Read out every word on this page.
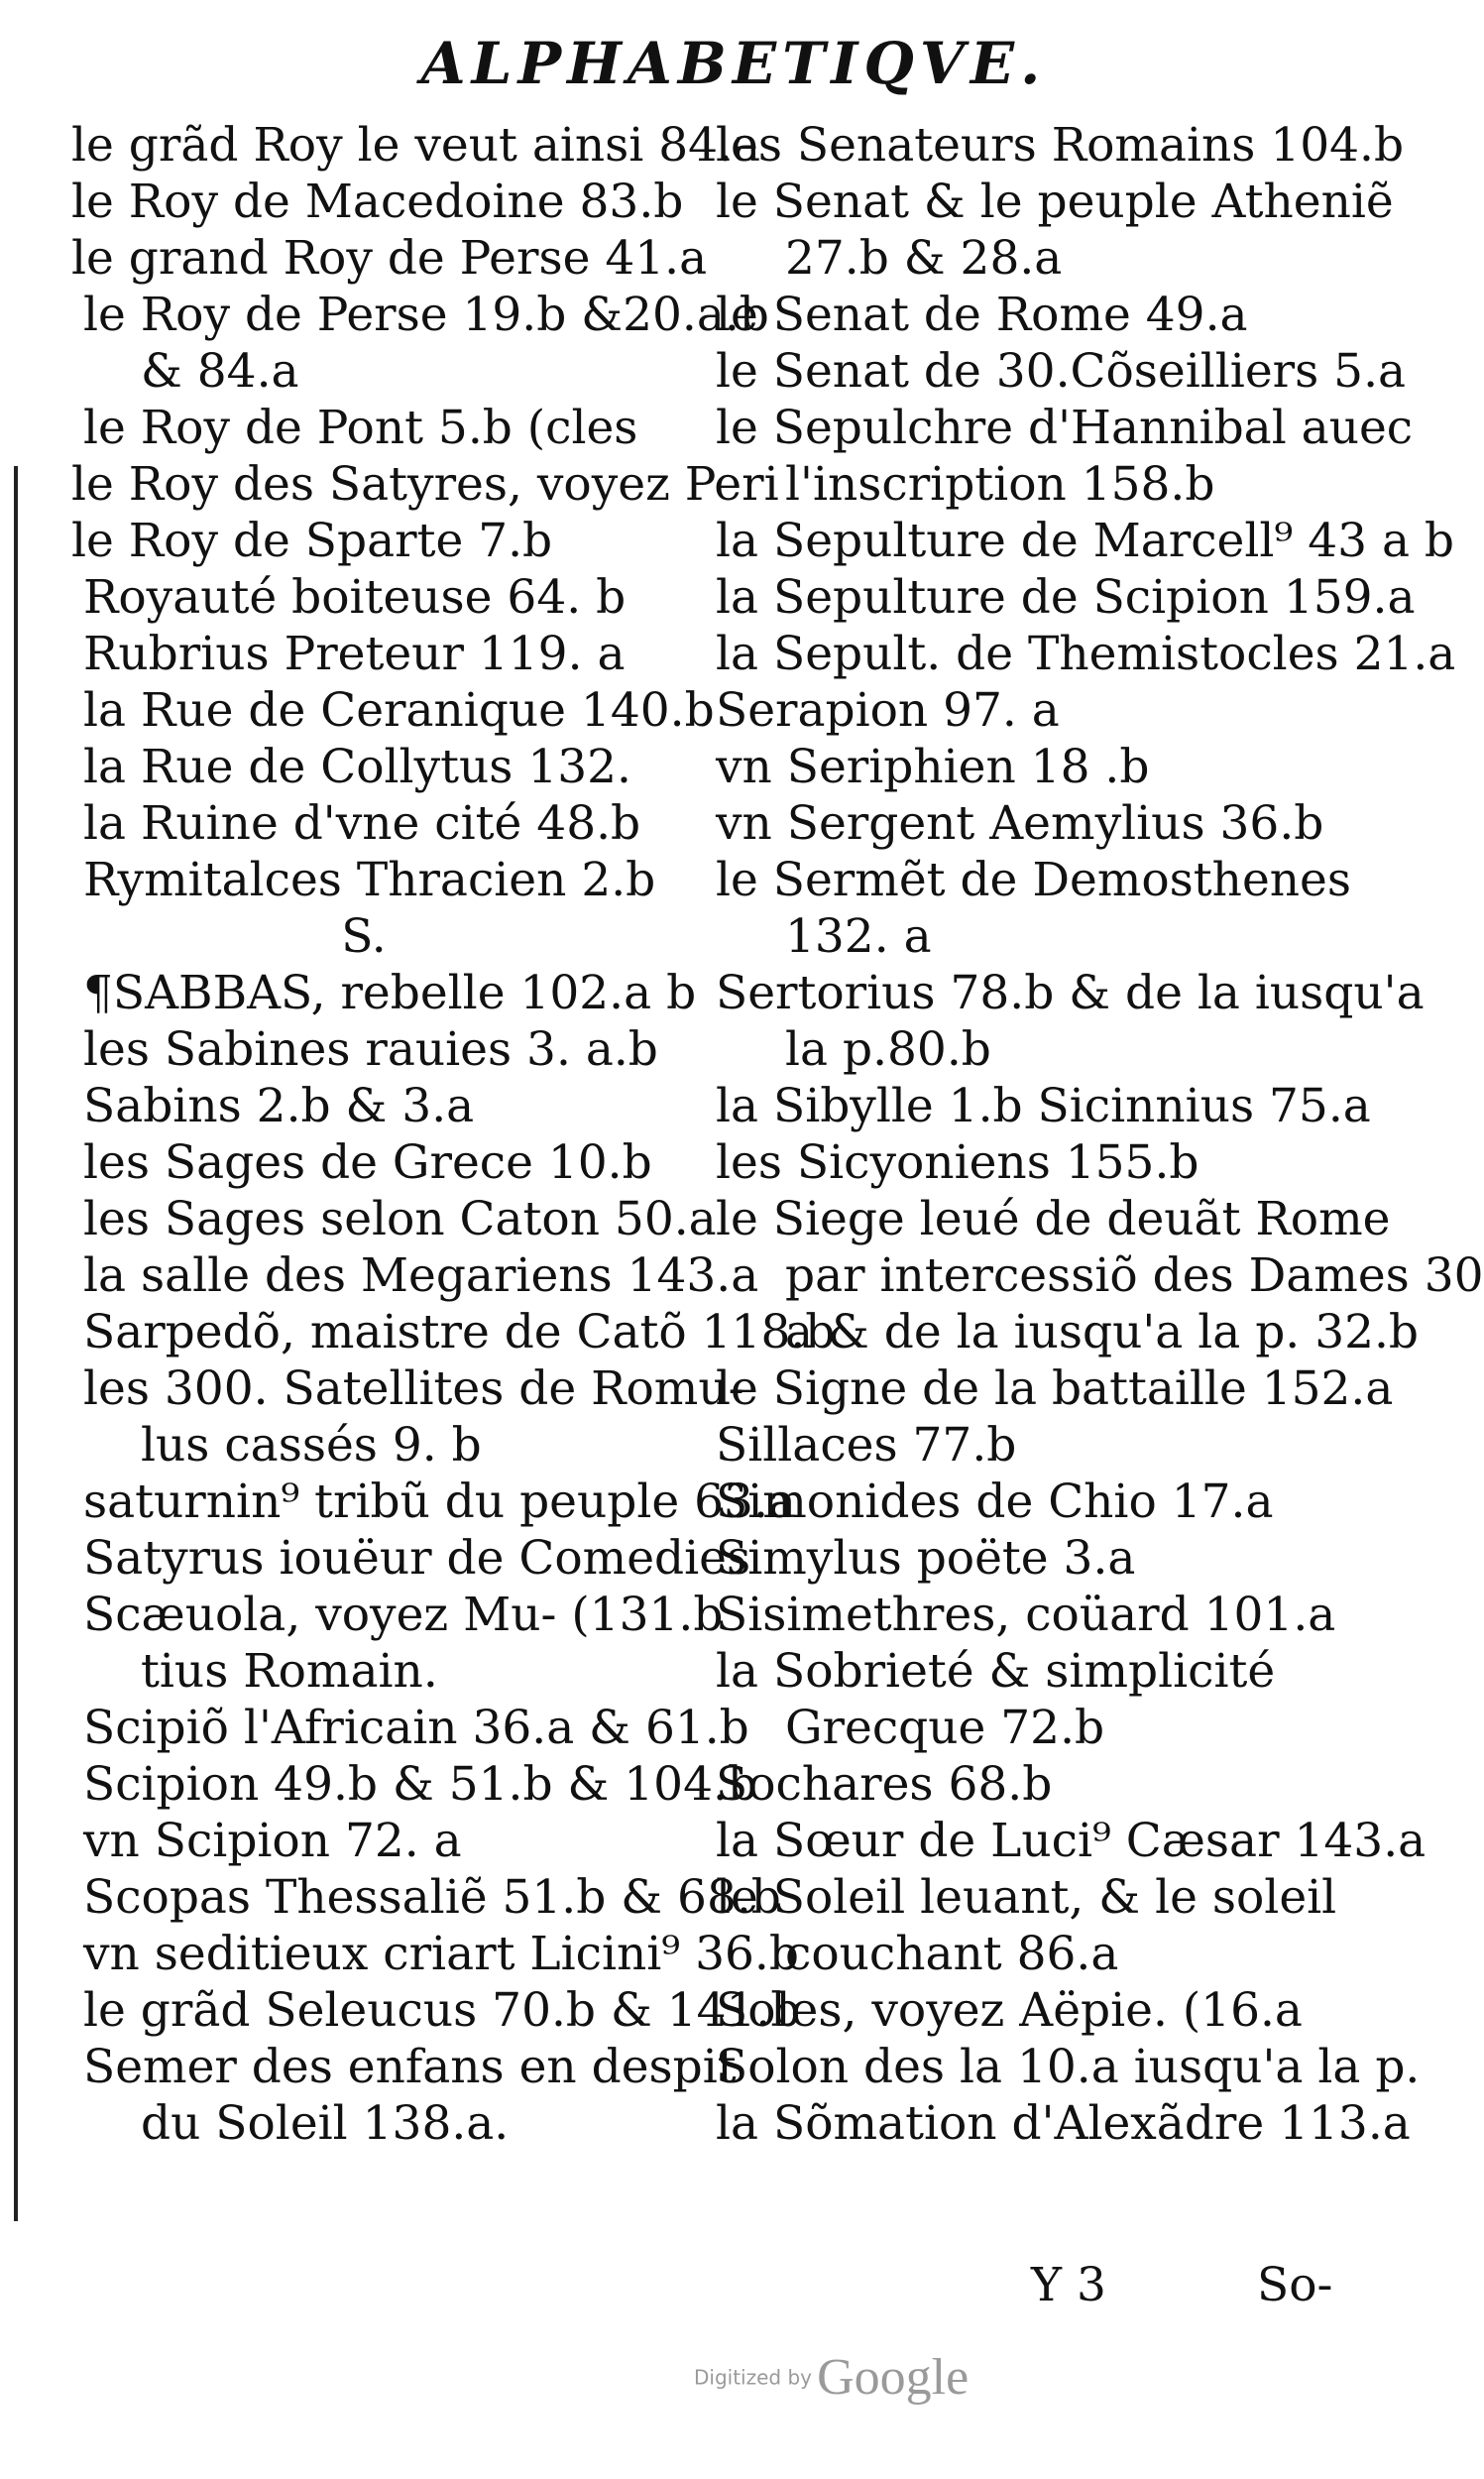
ALPHABETIQVE.
le grãd Roy le veut ainsi 84.a
le Roy de Macedoine 83.b
le grand Roy de Perse 41.a
le Roy de Perse 19.b &20.a.b
& 84.a
le Roy de Pont 5.b (cles
le Roy des Satyres, voyez Peri
le Roy de Sparte 7.b
Royauté boiteuse 64. b
Rubrius Preteur 119. a
la Rue de Ceranique 140.b
la Rue de Collytus 132.
la Ruine d'vne cité 48.b
Rymitalces Thracien 2.b
S.
¶SABBAS, rebelle 102.a b
les Sabines rauies 3. a.b
Sabins 2.b & 3.a
les Sages de Grece 10.b
les Sages selon Caton 50.a
la salle des Megariens 143.a
Sarpedõ, maistre de Catõ 118.b
les 300. Satellites de Romu-
lus cassés 9. b
saturnin⁹ tribũ du peuple 63.a
Satyrus iouëur de Comedies
Scæuola, voyez Mu- (131.b
tius Romain.
Scipiõ l'Africain 36.a & 61.b
Scipion 49.b & 51.b & 104.b
vn Scipion 72. a
Scopas Thessaliẽ 51.b & 68.b
vn seditieux criart Licini⁹ 36.b
le grãd Seleucus 70.b & 141.b
Semer des enfans en despit
du Soleil 138.a.
les Senateurs Romains 104.b
le Senat & le peuple Atheniẽ
27.b & 28.a
le Senat de Rome 49.a
le Senat de 30.Cõseilliers 5.a
le Sepulchre d'Hannibal auec
l'inscription 158.b
la Sepulture de Marcell⁹ 43 a b
la Sepulture de Scipion 159.a
la Sepult. de Themistocles 21.a
Serapion 97. a
vn Seriphien 18 .b
vn Sergent Aemylius 36.b
le Sermẽt de Demosthenes
132. a
Sertorius 78.b & de la iusqu'a
la p.80.b
la Sibylle 1.b Sicinnius 75.a
les Sicyoniens 155.b
le Siege leué de deuãt Rome
par intercessiõ des Dames 30
a & de la iusqu'a la p. 32.b
le Signe de la battaille 152.a
Sillaces 77.b
Simonides de Chio 17.a
Simylus poëte 3.a
Sisimethres, coüard 101.a
la Sobrieté & simplicité
Grecque 72.b
Sochares 68.b
la Sœur de Luci⁹ Cæsar 143.a
le Soleil leuant, & le soleil
couchant 86.a
Soles, voyez Aëpie. (16.a
Solon des la 10.a iusqu'a la p.
la Sõmation d'Alexãdre 113.a
Y 3	So-
Digitized by Google
